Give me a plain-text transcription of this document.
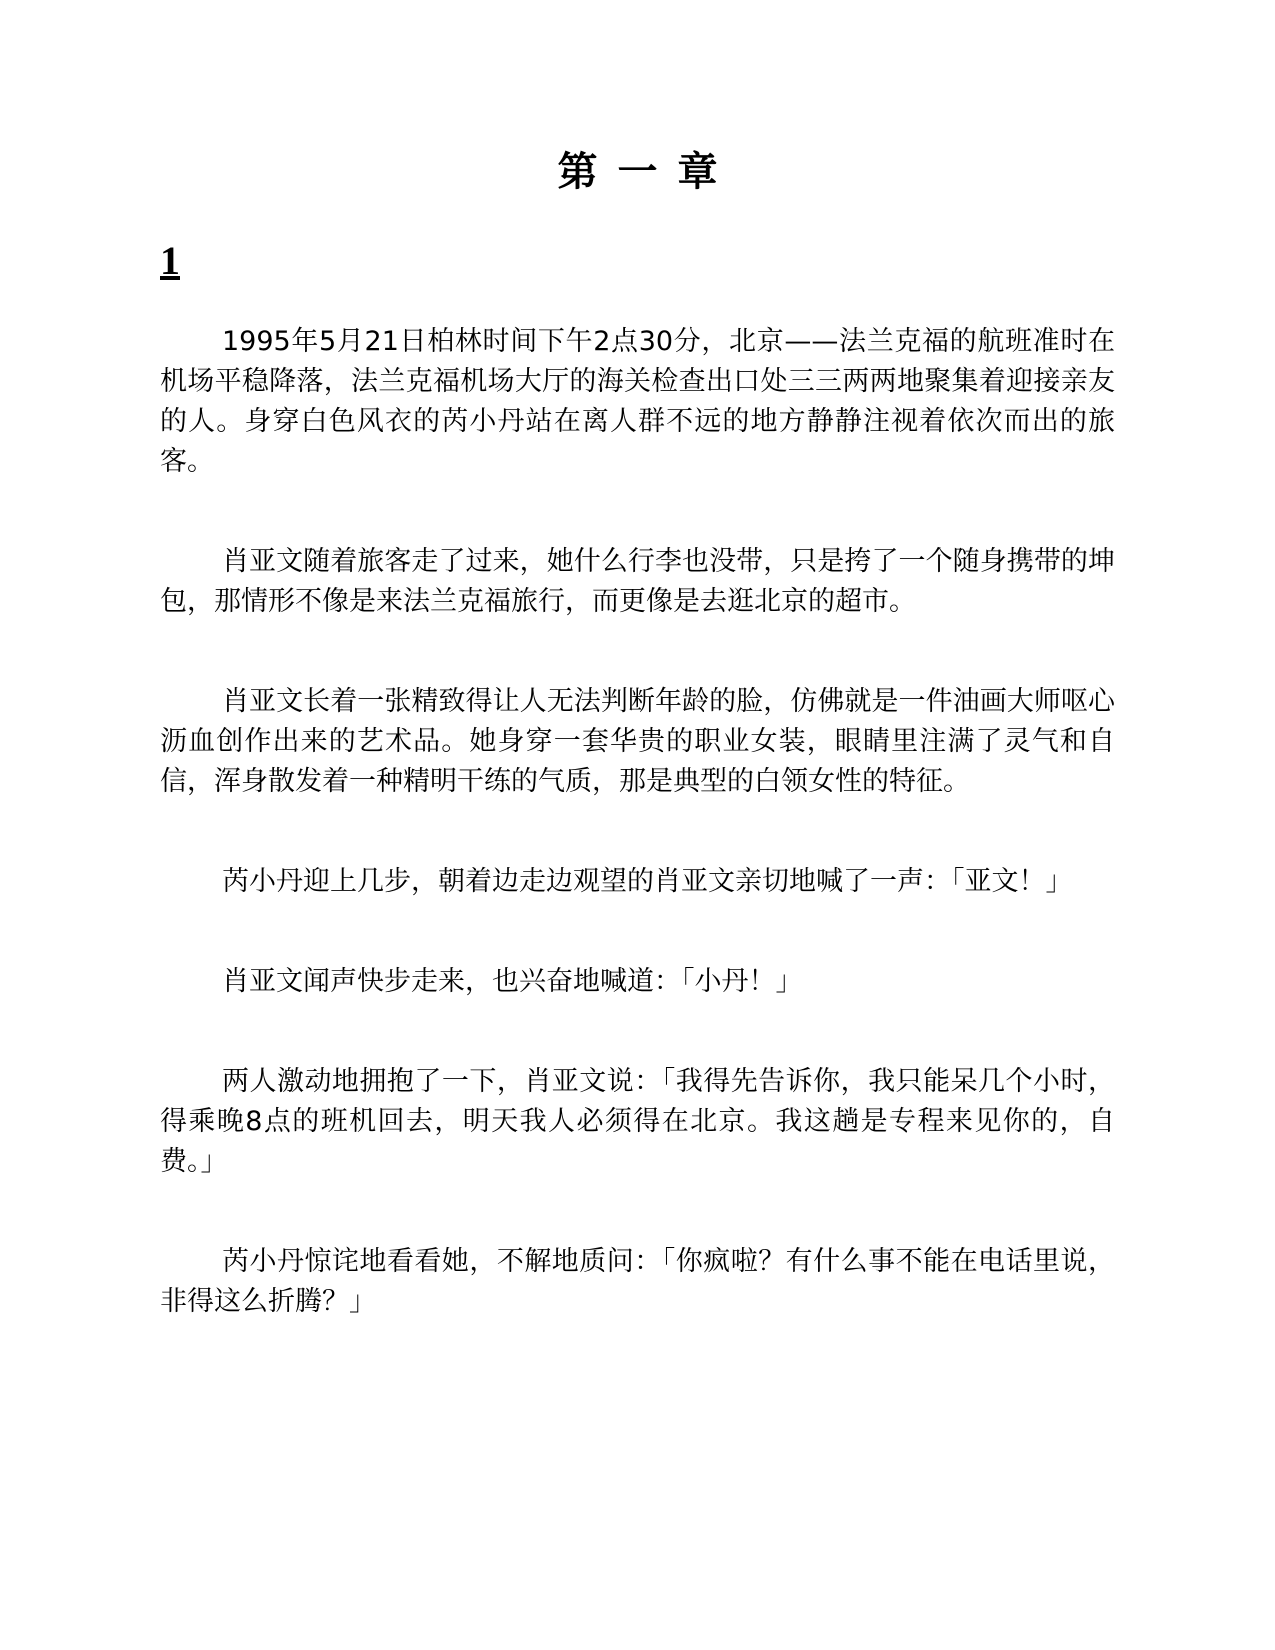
第一章
1

1995年5月21日柏林时间下午2点30分，北京——法兰克福的航班准时在机场平稳降落，法兰克福机场大厅的海关检查出口处三三两两地聚集着迎接亲友的人。身穿白色风衣的芮小丹站在离人群不远的地方静静注视着依次而出的旅客。

肖亚文随着旅客走了过来，她什么行李也没带，只是挎了一个随身携带的坤包，那情形不像是来法兰克福旅行，而更像是去逛北京的超市。

肖亚文长着一张精致得让人无法判断年龄的脸，仿佛就是一件油画大师呕心沥血创作出来的艺术品。她身穿一套华贵的职业女装，眼睛里注满了灵气和自信，浑身散发着一种精明干练的气质，那是典型的白领女性的特征。

芮小丹迎上几步，朝着边走边观望的肖亚文亲切地喊了一声：「亚文！」

肖亚文闻声快步走来，也兴奋地喊道：「小丹！」

两人激动地拥抱了一下，肖亚文说：「我得先告诉你，我只能呆几个小时，得乘晚8点的班机回去，明天我人必须得在北京。我这趟是专程来见你的，自费。」

芮小丹惊诧地看看她，不解地质问：「你疯啦？有什么事不能在电话里说，非得这么折腾？」
